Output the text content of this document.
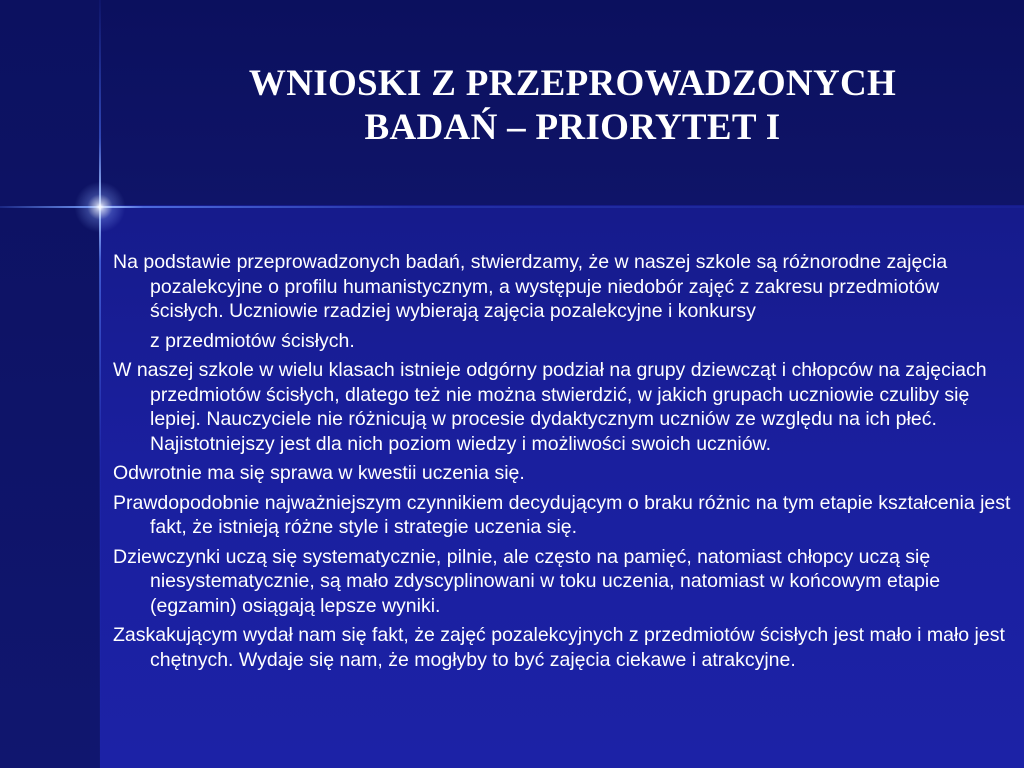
WNIOSKI Z PRZEPROWADZONYCH
BADAŃ – PRIORYTET I

Na podstawie przeprowadzonych badań, stwierdzamy, że w naszej szkole są różnorodne zajęcia pozalekcyjne o profilu humanistycznym, a występuje niedobór zajęć z zakresu przedmiotów ścisłych. Uczniowie rzadziej wybierają zajęcia pozalekcyjne i konkursy

z przedmiotów ścisłych.

W naszej szkole w wielu klasach istnieje odgórny podział na grupy dziewcząt i chłopców na zajęciach przedmiotów ścisłych, dlatego też nie można stwierdzić, w jakich grupach uczniowie czuliby się lepiej. Nauczyciele nie różnicują w procesie dydaktycznym uczniów ze względu na ich płeć. Najistotniejszy jest dla nich poziom wiedzy i możliwości swoich uczniów.

Odwrotnie ma się sprawa w kwestii uczenia się.

Prawdopodobnie najważniejszym czynnikiem decydującym o braku różnic na tym etapie kształcenia jest fakt, że istnieją różne style i strategie uczenia się.

Dziewczynki uczą się systematycznie, pilnie, ale często na pamięć, natomiast chłopcy uczą się niesystematycznie, są mało zdyscyplinowani w toku uczenia, natomiast w końcowym etapie (egzamin) osiągają lepsze wyniki.

Zaskakującym wydał nam się fakt, że zajęć pozalekcyjnych z przedmiotów ścisłych jest mało i mało jest chętnych. Wydaje się nam, że mogłyby to być zajęcia ciekawe i atrakcyjne.
